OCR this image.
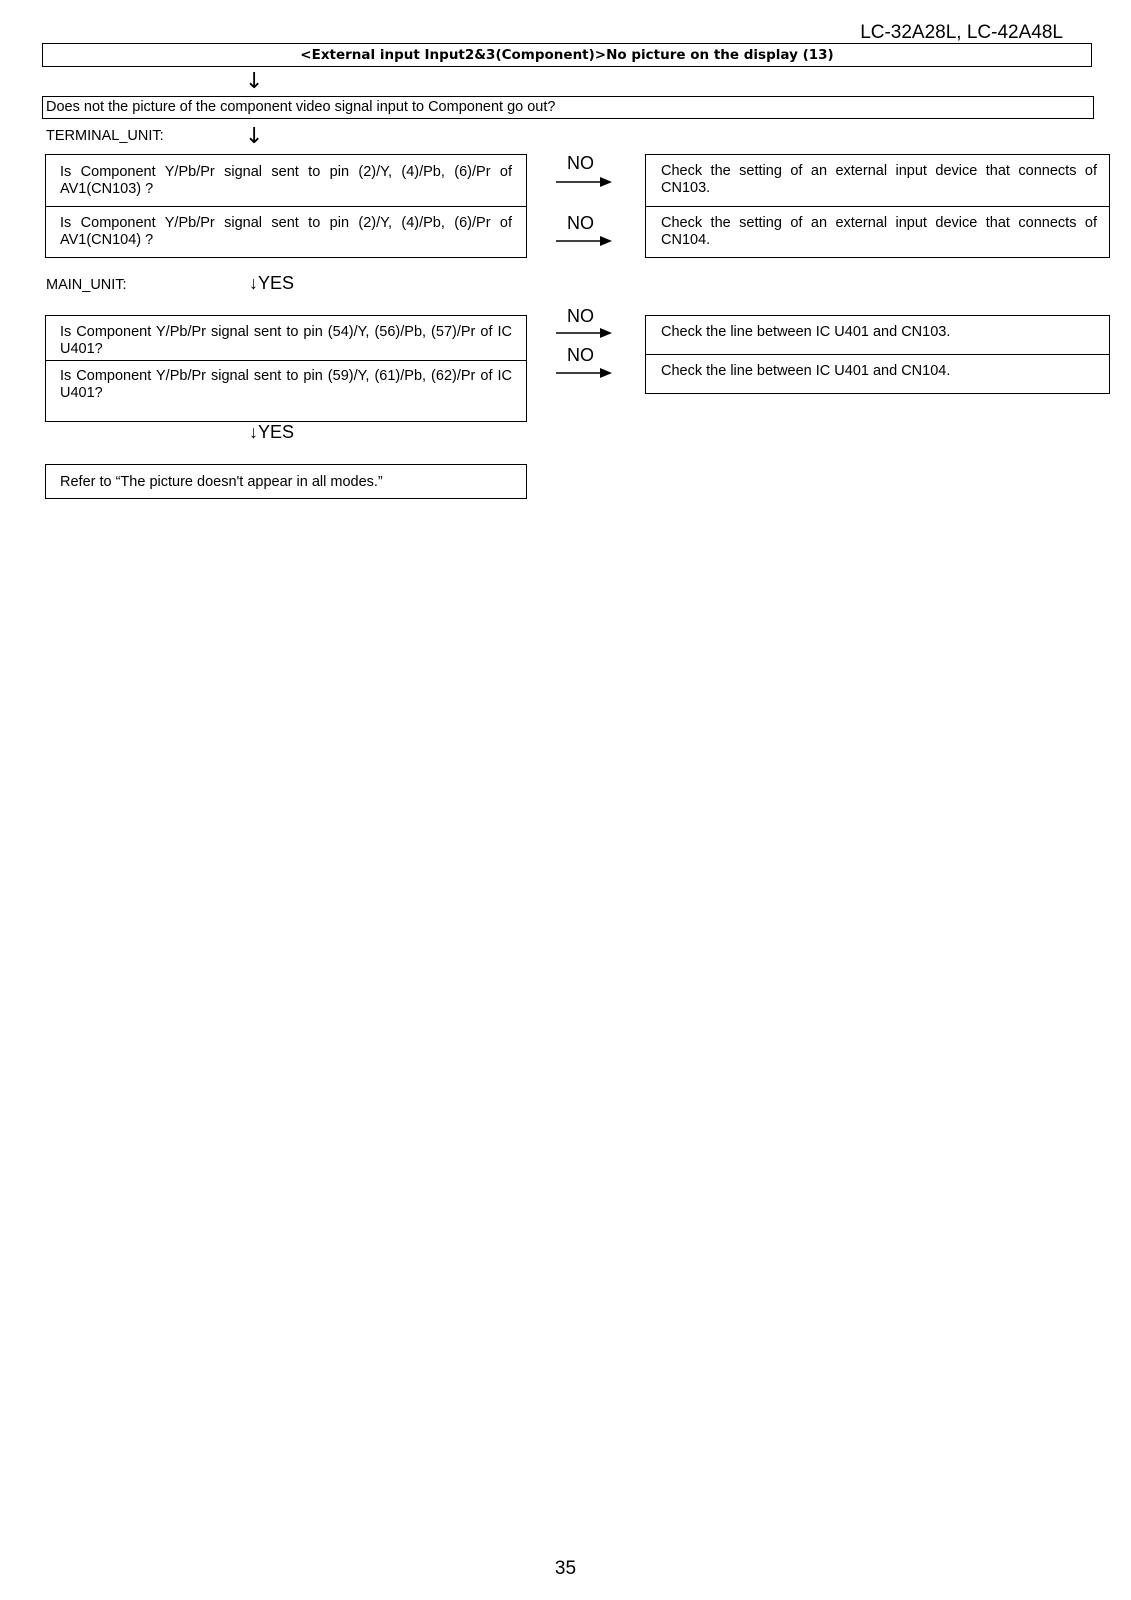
LC-32A28L, LC-42A48L
<External input Input2&3(Component)>No picture on the display (13)
↓
Does not the picture of the component video signal input to Component go out?
TERMINAL_UNIT:	↓
Is Component Y/Pb/Pr signal sent to pin (2)/Y, (4)/Pb, (6)/Pr of AV1(CN103) ?
Is Component Y/Pb/Pr signal sent to pin (2)/Y, (4)/Pb, (6)/Pr of AV1(CN104) ?
NO
NO
Check the setting of an external input device that connects of CN103.
Check the setting of an external input device that connects of CN104.
MAIN_UNIT:	↓YES
Is Component Y/Pb/Pr signal sent to pin (54)/Y, (56)/Pb, (57)/Pr of IC U401?
Is Component Y/Pb/Pr signal sent to pin (59)/Y, (61)/Pb, (62)/Pr of IC U401?
NO
NO
Check the line between IC U401 and CN103.
Check the line between IC U401 and CN104.
↓YES
Refer to “The picture doesn't appear in all modes.”
35
